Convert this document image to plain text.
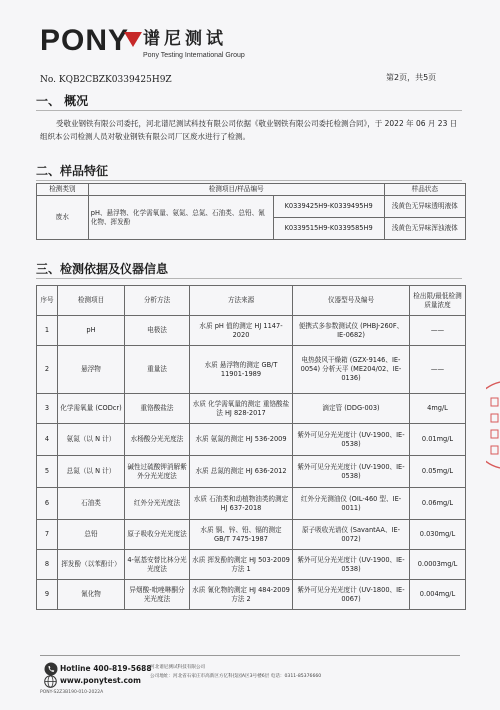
PONY 谱尼测试
Pony Testing International Group
No. KQB2CBZK0339425H9Z	第2页，共5页
一、 概况
受敬业钢铁有限公司委托，河北谱尼测试科技有限公司依据《敬业钢铁有限公司委托检测合同》，于 2022 年 06 月 23 日组织本公司检测人员对敬业钢铁有限公司厂区废水进行了检测。
二、样品特征
检测类别	检测项目/样品编号		样品状态
废水	pH、悬浮物、化学需氧量、氨氮、总氮、石油类、总铅、氰化物、挥发酚	K0339425H9-K0339495H9	浅黄色无异味透明液体
		K0339515H9-K0339585H9	浅黄色无异味浑浊液体
三、检测依据及仪器信息
序号	检测项目	分析方法	方法来源	仪器型号及编号	检出限/最低检测质量浓度
1	pH	电极法	水质 pH 值的测定 HJ 1147-2020	便携式多参数测试仪 (PHBJ-260F、IE-0682)	——
2	悬浮物	重量法	水质 悬浮物的测定 GB/T 11901-1989	电热鼓风干燥箱 (GZX-9146、IE-0054) 分析天平 (ME204/02、IE-0136)	——
3	化学需氧量 (CODcr)	重铬酸盐法	水质 化学需氧量的测定 重铬酸盐法 HJ 828-2017	滴定管 (DDG-003)	4mg/L
4	氨氮（以 N 计）	水杨酸分光光度法	水质 氨氮的测定 HJ 536-2009	紫外可见分光光度计 (UV-1900、IE-0538)	0.01mg/L
5	总氮（以 N 计）	碱性过硫酸钾消解紫外分光光度法	水质 总氮的测定 HJ 636-2012	紫外可见分光光度计 (UV-1900、IE-0538)	0.05mg/L
6	石油类	红外分光光度法	水质 石油类和动植物油类的测定 HJ 637-2018	红外分光测油仪 (OIL-460 型、IE-0011)	0.06mg/L
7	总铅	原子吸收分光光度法	水质 铜、锌、铅、镉的测定 GB/T 7475-1987	原子吸收光谱仪 (SavantAA、IE-0072)	0.030mg/L
8	挥发酚（以苯酚计）	4-氨基安替比林分光光度法	水质 挥发酚的测定 HJ 503-2009 方法 1	紫外可见分光光度计 (UV-1900、IE-0538)	0.0003mg/L
9	氰化物	异烟酸-吡唑啉酮分光光度法	水质 氰化物的测定 HJ 484-2009 方法 2	紫外可见分光光度计 (UV-1800、IE-0067)	0.004mg/L
Hotline 400-819-5688
www.ponytest.com
PONY-S2Z3B190-010-2022A
河北谱尼测试科技有限公司
公司地址：河北省石家庄市高新区方亿科技园A区3号楼6层 电话：0311-85376660
